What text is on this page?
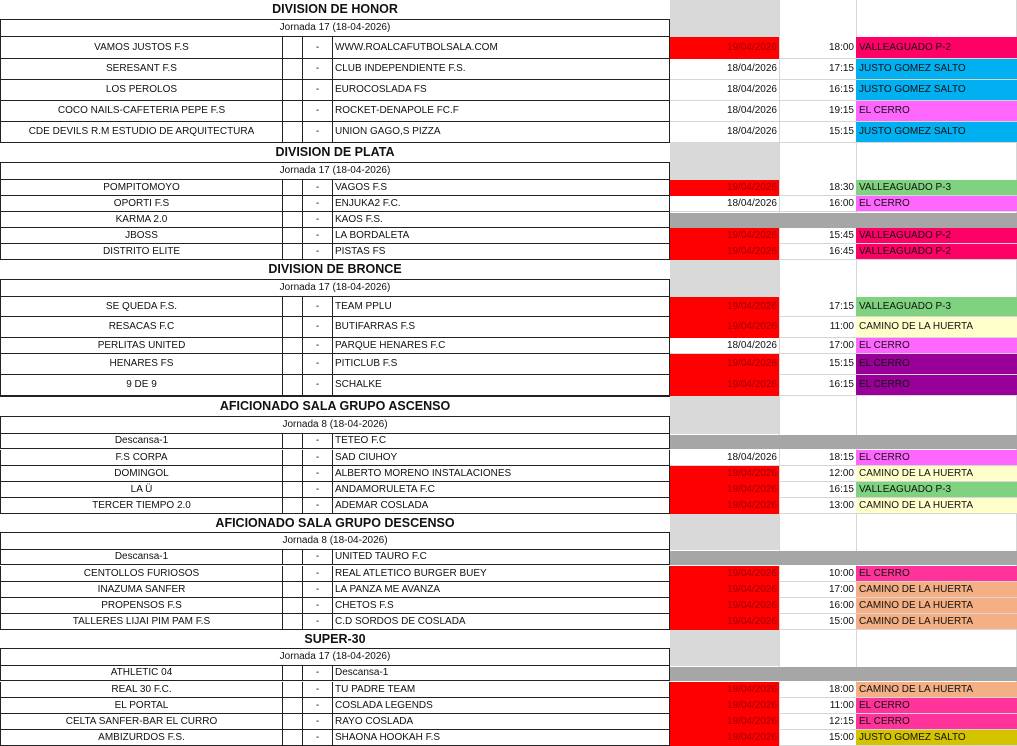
DIVISION DE HONOR
Jornada 17 (18-04-2026)
VAMOS JUSTOS F.S	-	WWW.ROALCAFUTBOLSALA.COM	19/04/2026	18:00 VALLEAGUADO P-2
SERESANT F.S	-	CLUB INDEPENDIENTE F.S.	18/04/2026	17:15 JUSTO GOMEZ SALTO
LOS PEROLOS	-	EUROCOSLADA FS	18/04/2026	16:15 JUSTO GOMEZ SALTO
COCO NAILS-CAFETERIA PEPE F.S	-	ROCKET-DENAPOLE FC.F	18/04/2026	19:15 EL CERRO
CDE DEVILS R.M ESTUDIO DE ARQUITECTURA	-	UNION GAGO,S PIZZA	18/04/2026	15:15 JUSTO GOMEZ SALTO
DIVISION DE PLATA
Jornada 17 (18-04-2026)
POMPITOMOYO	-	VAGOS F.S	19/04/2026	18:30 VALLEAGUADO P-3
OPORTI F.S	-	ENJUKA2 F.C.	18/04/2026	16:00 EL CERRO
KARMA 2.0	-	KAOS F.S.
JBOSS	-	LA BORDALETA	19/04/2026	15:45 VALLEAGUADO P-2
DISTRITO ELITE	-	PISTAS FS	19/04/2026	16:45 VALLEAGUADO P-2
DIVISION DE BRONCE
Jornada 17 (18-04-2026)
SE QUEDA F.S.	-	TEAM PPLU	19/04/2026	17:15 VALLEAGUADO P-3
RESACAS F.C	-	BUTIFARRAS F.S	19/04/2026	11:00 CAMINO DE LA HUERTA
PERLITAS UNITED	-	PARQUE HENARES F.C	18/04/2026	17:00 EL CERRO
HENARES FS	-	PITICLUB F.S	19/04/2026	15:15 EL CERRO
9 DE 9	-	SCHALKE	19/04/2026	16:15 EL CERRO
AFICIONADO SALA GRUPO ASCENSO
Jornada 8 (18-04-2026)
Descansa-1	-	TETEO F.C
F.S CORPA	-	SAD CIUHOY	18/04/2026	18:15 EL CERRO
DOMINGOL	-	ALBERTO MORENO INSTALACIONES	19/04/2026	12:00 CAMINO DE LA HUERTA
LA Ü	-	ANDAMORULETA F.C	19/04/2026	16:15 VALLEAGUADO P-3
TERCER TIEMPO 2.0	-	ADEMAR COSLADA	19/04/2026	13:00 CAMINO DE LA HUERTA
AFICIONADO SALA GRUPO DESCENSO
Jornada 8 (18-04-2026)
Descansa-1	-	UNITED TAURO F.C
CENTOLLOS FURIOSOS	-	REAL ATLETICO BURGER BUEY	19/04/2026	10:00 EL CERRO
INAZUMA SANFER	-	LA PANZA ME AVANZA	19/04/2026	17:00 CAMINO DE LA HUERTA
PROPENSOS F.S	-	CHETOS F.S	19/04/2026	16:00 CAMINO DE LA HUERTA
TALLERES LIJAI PIM PAM F.S	-	C.D SORDOS DE COSLADA	19/04/2026	15:00 CAMINO DE LA HUERTA
SUPER-30
Jornada 17 (18-04-2026)
ATHLETIC 04	-	Descansa-1
REAL 30 F.C.	-	TU PADRE TEAM	19/04/2026	18:00 CAMINO DE LA HUERTA
EL PORTAL	-	COSLADA LEGENDS	19/04/2026	11:00 EL CERRO
CELTA SANFER-BAR EL CURRO	-	RAYO COSLADA	19/04/2026	12:15 EL CERRO
AMBIZURDOS F.S.	-	SHAONA HOOKAH F.S	19/04/2026	15:00 JUSTO GOMEZ SALTO
